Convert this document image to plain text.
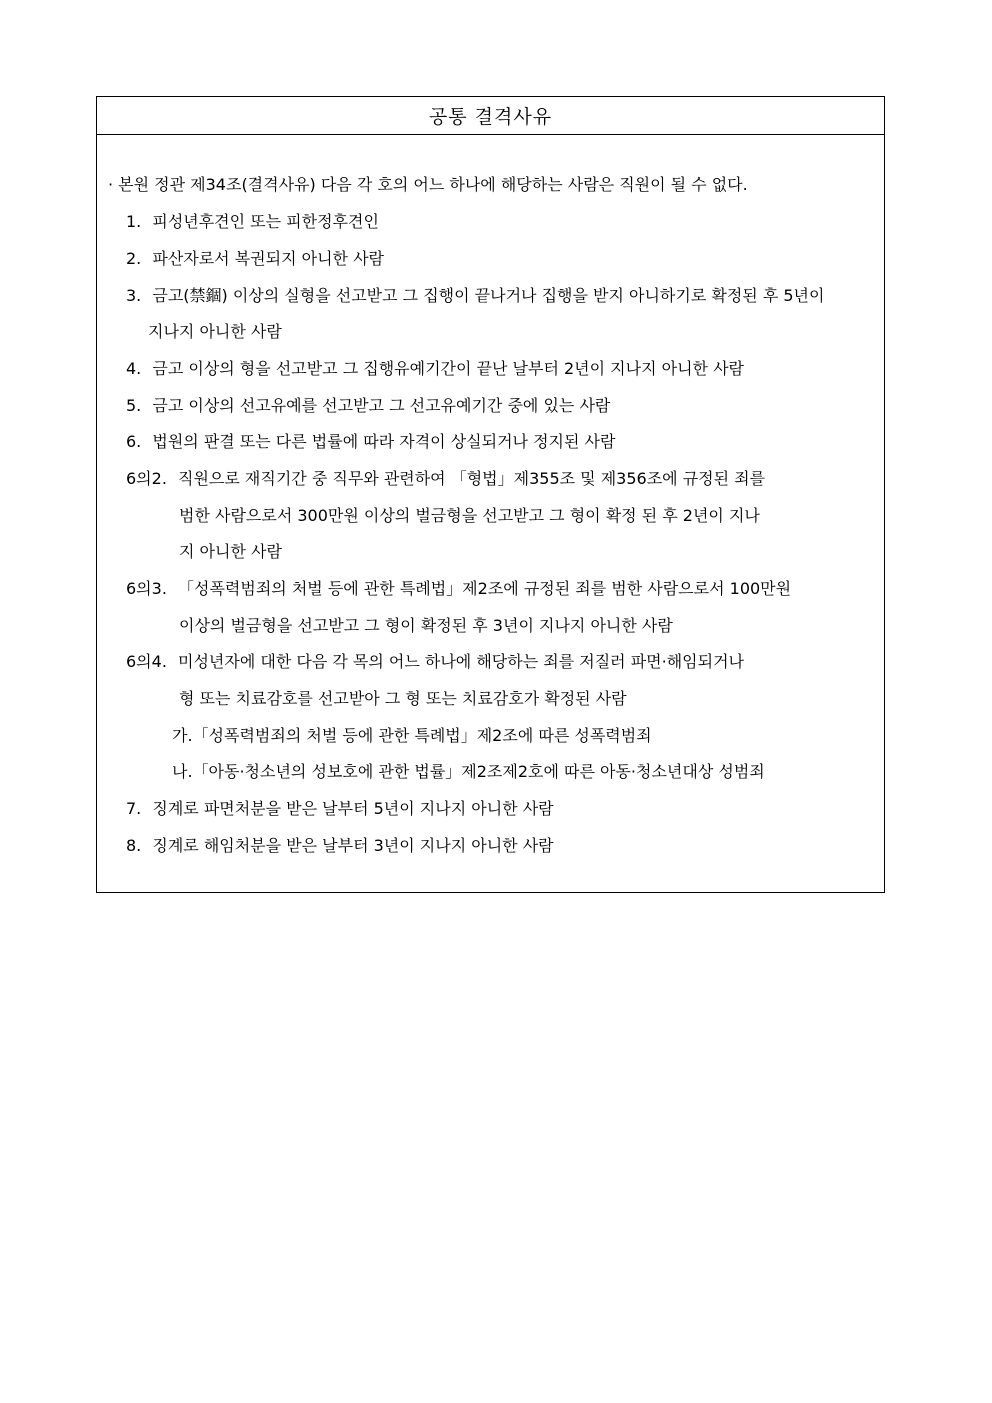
공통 결격사유
· 본원 정관 제34조(결격사유) 다음 각 호의 어느 하나에 해당하는 사람은 직원이 될 수 없다.
1. 피성년후견인 또는 피한정후견인
2. 파산자로서 복권되지 아니한 사람
3. 금고(禁錮) 이상의 실형을 선고받고 그 집행이 끝나거나 집행을 받지 아니하기로 확정된 후 5년이
지나지 아니한 사람
4. 금고 이상의 형을 선고받고 그 집행유예기간이 끝난 날부터 2년이 지나지 아니한 사람
5. 금고 이상의 선고유예를 선고받고 그 선고유예기간 중에 있는 사람
6. 법원의 판결 또는 다른 법률에 따라 자격이 상실되거나 정지된 사람
6의2. 직원으로 재직기간 중 직무와 관련하여 「형법」제355조 및 제356조에 규정된 죄를
범한 사람으로서 300만원 이상의 벌금형을 선고받고 그 형이 확정 된 후 2년이 지나
지 아니한 사람
6의3. 「성폭력범죄의 처벌 등에 관한 특례법」제2조에 규정된 죄를 범한 사람으로서 100만원
이상의 벌금형을 선고받고 그 형이 확정된 후 3년이 지나지 아니한 사람
6의4. 미성년자에 대한 다음 각 목의 어느 하나에 해당하는 죄를 저질러 파면·해임되거나
형 또는 치료감호를 선고받아 그 형 또는 치료감호가 확정된 사람
가.「성폭력범죄의 처벌 등에 관한 특례법」제2조에 따른 성폭력범죄
나.「아동·청소년의 성보호에 관한 법률」제2조제2호에 따른 아동·청소년대상 성범죄
7. 징계로 파면처분을 받은 날부터 5년이 지나지 아니한 사람
8. 징계로 해임처분을 받은 날부터 3년이 지나지 아니한 사람
